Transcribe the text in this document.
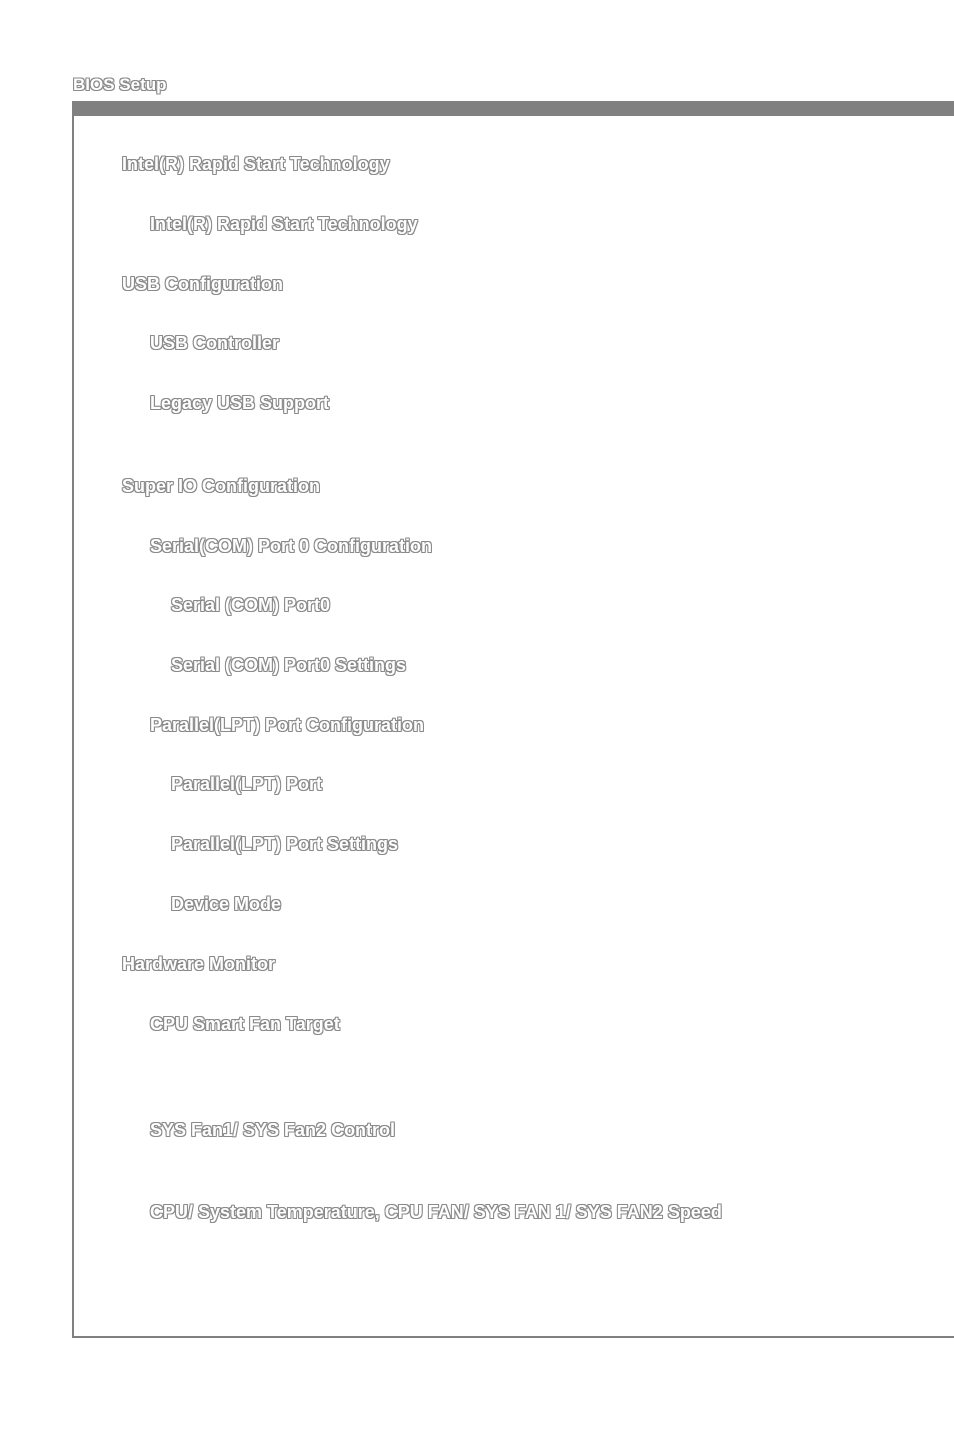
BIOS Setup
Intel(R) Rapid Start Technology
Intel(R) Rapid Start Technology
USB Configuration
USB Controller
Legacy USB Support
Super IO Configuration
Serial(COM) Port 0 Configuration
Serial (COM) Port0
Serial (COM) Port0 Settings
Parallel(LPT) Port Configuration
Parallel(LPT) Port
Parallel(LPT) Port Settings
Device Mode
Hardware Monitor
CPU Smart Fan Target
SYS Fan1/ SYS Fan2 Control
CPU/ System Temperature, CPU FAN/ SYS FAN 1/ SYS FAN2 Speed
